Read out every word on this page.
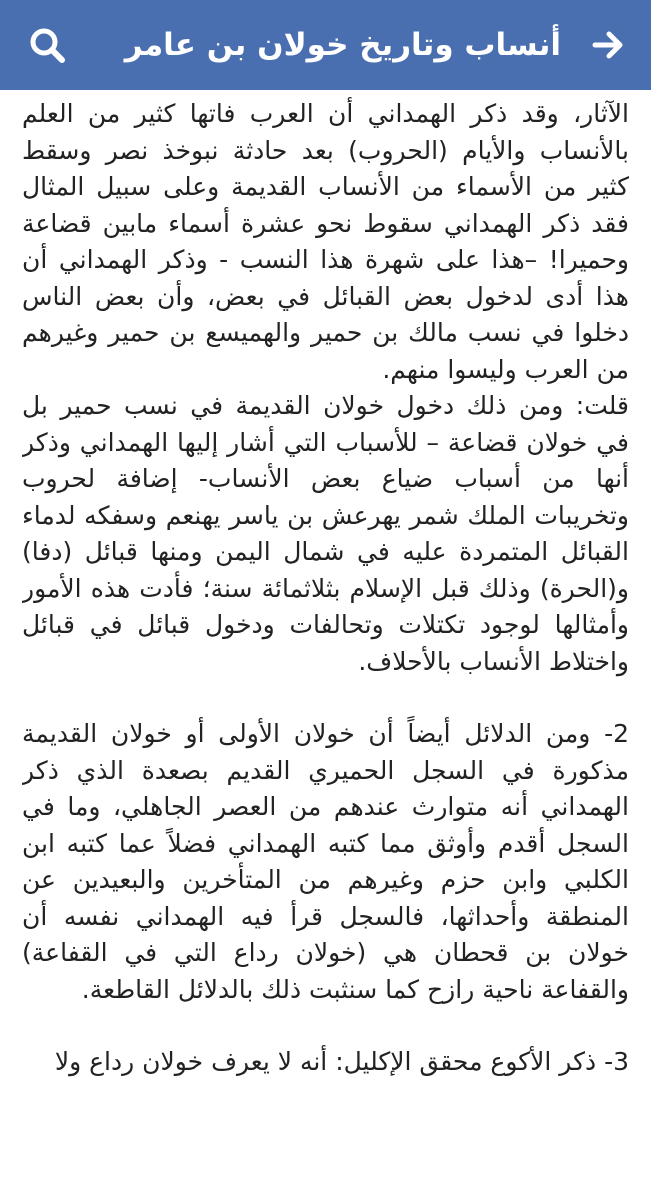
أنساب وتاريخ خولان بن عامر

الآثار، وقد ذكر الهمداني أن العرب فاتها كثير من العلم بالأنساب والأيام (الحروب) بعد حادثة نبوخذ نصر وسقط كثير من الأسماء من الأنساب القديمة وعلى سبيل المثال فقد ذكر الهمداني سقوط نحو عشرة أسماء مابين قضاعة وحميرا! –هذا على شهرة هذا النسب - وذكر الهمداني أن هذا أدى لدخول بعض القبائل في بعض، وأن بعض الناس دخلوا في نسب مالك بن حمير والهميسع بن حمير وغيرهم من العرب وليسوا منهم.

قلت: ومن ذلك دخول خولان القديمة في نسب حمير بل في خولان قضاعة – للأسباب التي أشار إليها الهمداني وذكر أنها من أسباب ضياع بعض الأنساب- إضافة لحروب وتخريبات الملك شمر يهرعش بن ياسر يهنعم وسفكه لدماء القبائل المتمردة عليه في شمال اليمن ومنها قبائل (دفا) و(الحرة) وذلك قبل الإسلام بثلاثمائة سنة؛ فأدت هذه الأمور وأمثالها لوجود تكتلات وتحالفات ودخول قبائل في قبائل واختلاط الأنساب بالأحلاف.

2- ومن الدلائل أيضاً أن خولان الأولى أو خولان القديمة مذكورة في السجل الحميري القديم بصعدة الذي ذكر الهمداني أنه متوارث عندهم من العصر الجاهلي، وما في السجل أقدم وأوثق مما كتبه الهمداني فضلاً عما كتبه ابن الكلبي وابن حزم وغيرهم من المتأخرين والبعيدين عن المنطقة وأحداثها، فالسجل قرأ فيه الهمداني نفسه أن خولان بن قحطان هي (خولان رداع التي في القفاعة) والقفاعة ناحية رازح كما سنثبت ذلك بالدلائل القاطعة.

3- ذكر الأكوع محقق الإكليل: أنه لا يعرف خولان رداع ولا
